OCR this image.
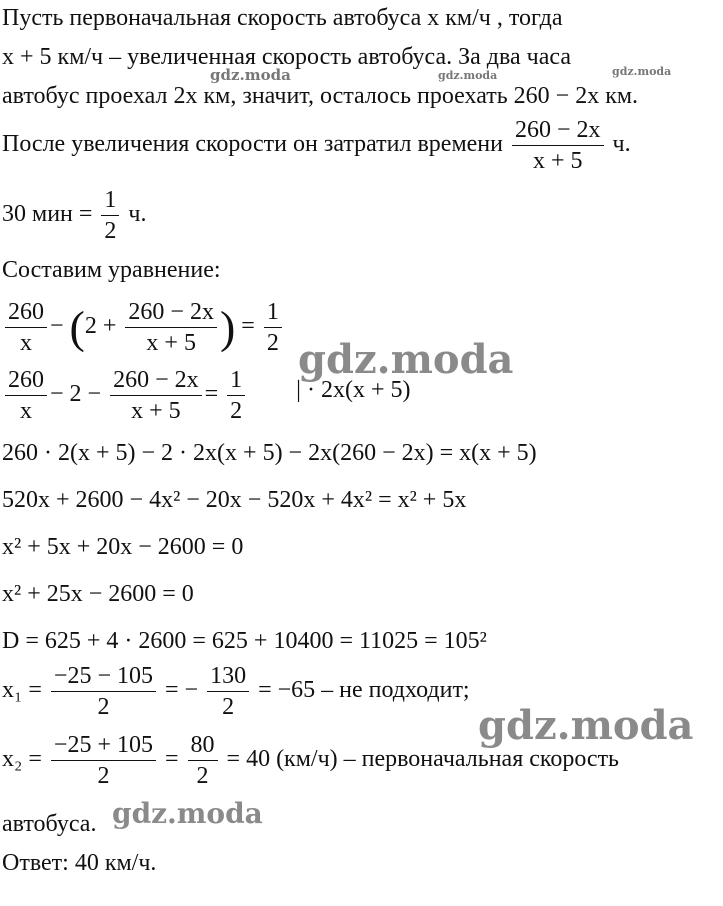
Пусть первоначальная скорость автобуса x км/ч , тогда
x + 5 км/ч – увеличенная скорость автобуса. За два часа
автобус проехал 2x км, значит, осталось проехать 260 − 2x км.
После увеличения скорости он затратил времени $\frac{260 - 2x}{x + 5} ч$.
30 мин = $\frac{1}{2} ч$.
Составим уравнение:
$\frac{260}{x} - (2 + \frac{260 - 2x}{x + 5}$ ) = $\frac{1}{2}$
$\frac{260}{x} - 2 - \frac{260 - 2x}{x + 5} = \frac{1}{2}$ | · 2x(x + 5)
260 · 2(x + 5) − 2 · 2x(x + 5) − 2x(260 − 2x) = x(x + 5)
520x + 2600 − 4x² − 20x − 520x + 4x² = x² + 5x
x² + 5x + 20x − 2600 = 0
x² + 25x − 2600 = 0
D = 625 + 4 · 2600 = 625 + 10400 = 11025 = 105²
$x_1 = \frac{-25 - 105}{2}$ = − $\frac{130}{2} = -65$ – не подходит;
$x_2 = \frac{-25 + 105}{2} = \frac{80}{2} = 40$ (км/ч) – первоначальная скорость
автобуса.
Ответ: 40 км/ч.
gdz.moda	gdz.moda	gdz.moda
gdz.moda
gdz.moda
gdz.moda
